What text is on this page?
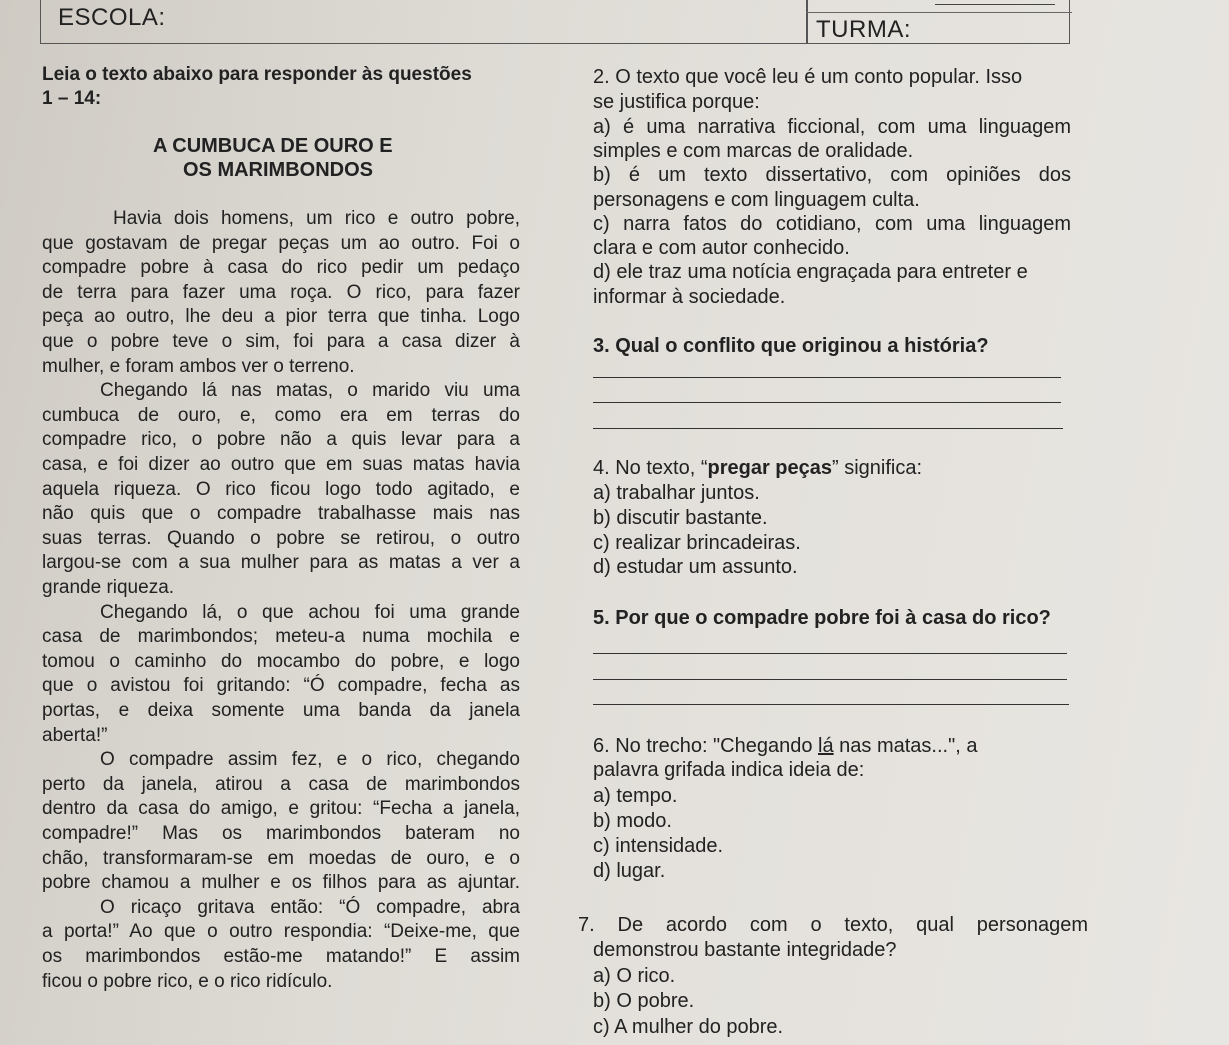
ESCOLA:	TURMA:
Leia o texto abaixo para responder às questões
1 – 14:
A CUMBUCA DE OURO E
OS MARIMBONDOS
Havia dois homens, um rico e outro pobre,
que gostavam de pregar peças um ao outro. Foi o
compadre pobre à casa do rico pedir um pedaço
de terra para fazer uma roça. O rico, para fazer
peça ao outro, lhe deu a pior terra que tinha. Logo
que o pobre teve o sim, foi para a casa dizer à
mulher, e foram ambos ver o terreno.
Chegando lá nas matas, o marido viu uma
cumbuca de ouro, e, como era em terras do
compadre rico, o pobre não a quis levar para a
casa, e foi dizer ao outro que em suas matas havia
aquela riqueza. O rico ficou logo todo agitado, e
não quis que o compadre trabalhasse mais nas
suas terras. Quando o pobre se retirou, o outro
largou-se com a sua mulher para as matas a ver a
grande riqueza.
Chegando lá, o que achou foi uma grande
casa de marimbondos; meteu-a numa mochila e
tomou o caminho do mocambo do pobre, e logo
que o avistou foi gritando: “Ó compadre, fecha as
portas, e deixa somente uma banda da janela
aberta!”
O compadre assim fez, e o rico, chegando
perto da janela, atirou a casa de marimbondos
dentro da casa do amigo, e gritou: “Fecha a janela,
compadre!” Mas os marimbondos bateram no
chão, transformaram-se em moedas de ouro, e o
pobre chamou a mulher e os filhos para as ajuntar.
O ricaço gritava então: “Ó compadre, abra
a porta!” Ao que o outro respondia: “Deixe-me, que
os marimbondos estão-me matando!” E assim
ficou o pobre rico, e o rico ridículo.
2. O texto que você leu é um conto popular. Isso
se justifica porque:
a) é uma narrativa ficcional, com uma linguagem
simples e com marcas de oralidade.
b) é um texto dissertativo, com opiniões dos
personagens e com linguagem culta.
c) narra fatos do cotidiano, com uma linguagem
clara e com autor conhecido.
d) ele traz uma notícia engraçada para entreter e
informar à sociedade.
3. Qual o conflito que originou a história?
4. No texto, “pregar peças” significa:
a) trabalhar juntos.
b) discutir bastante.
c) realizar brincadeiras.
d) estudar um assunto.
5. Por que o compadre pobre foi à casa do rico?
6. No trecho: "Chegando lá nas matas...", a
palavra grifada indica ideia de:
a) tempo.
b) modo.
c) intensidade.
d) lugar.
7. De acordo com o texto, qual personagem
demonstrou bastante integridade?
a) O rico.
b) O pobre.
c) A mulher do pobre.
